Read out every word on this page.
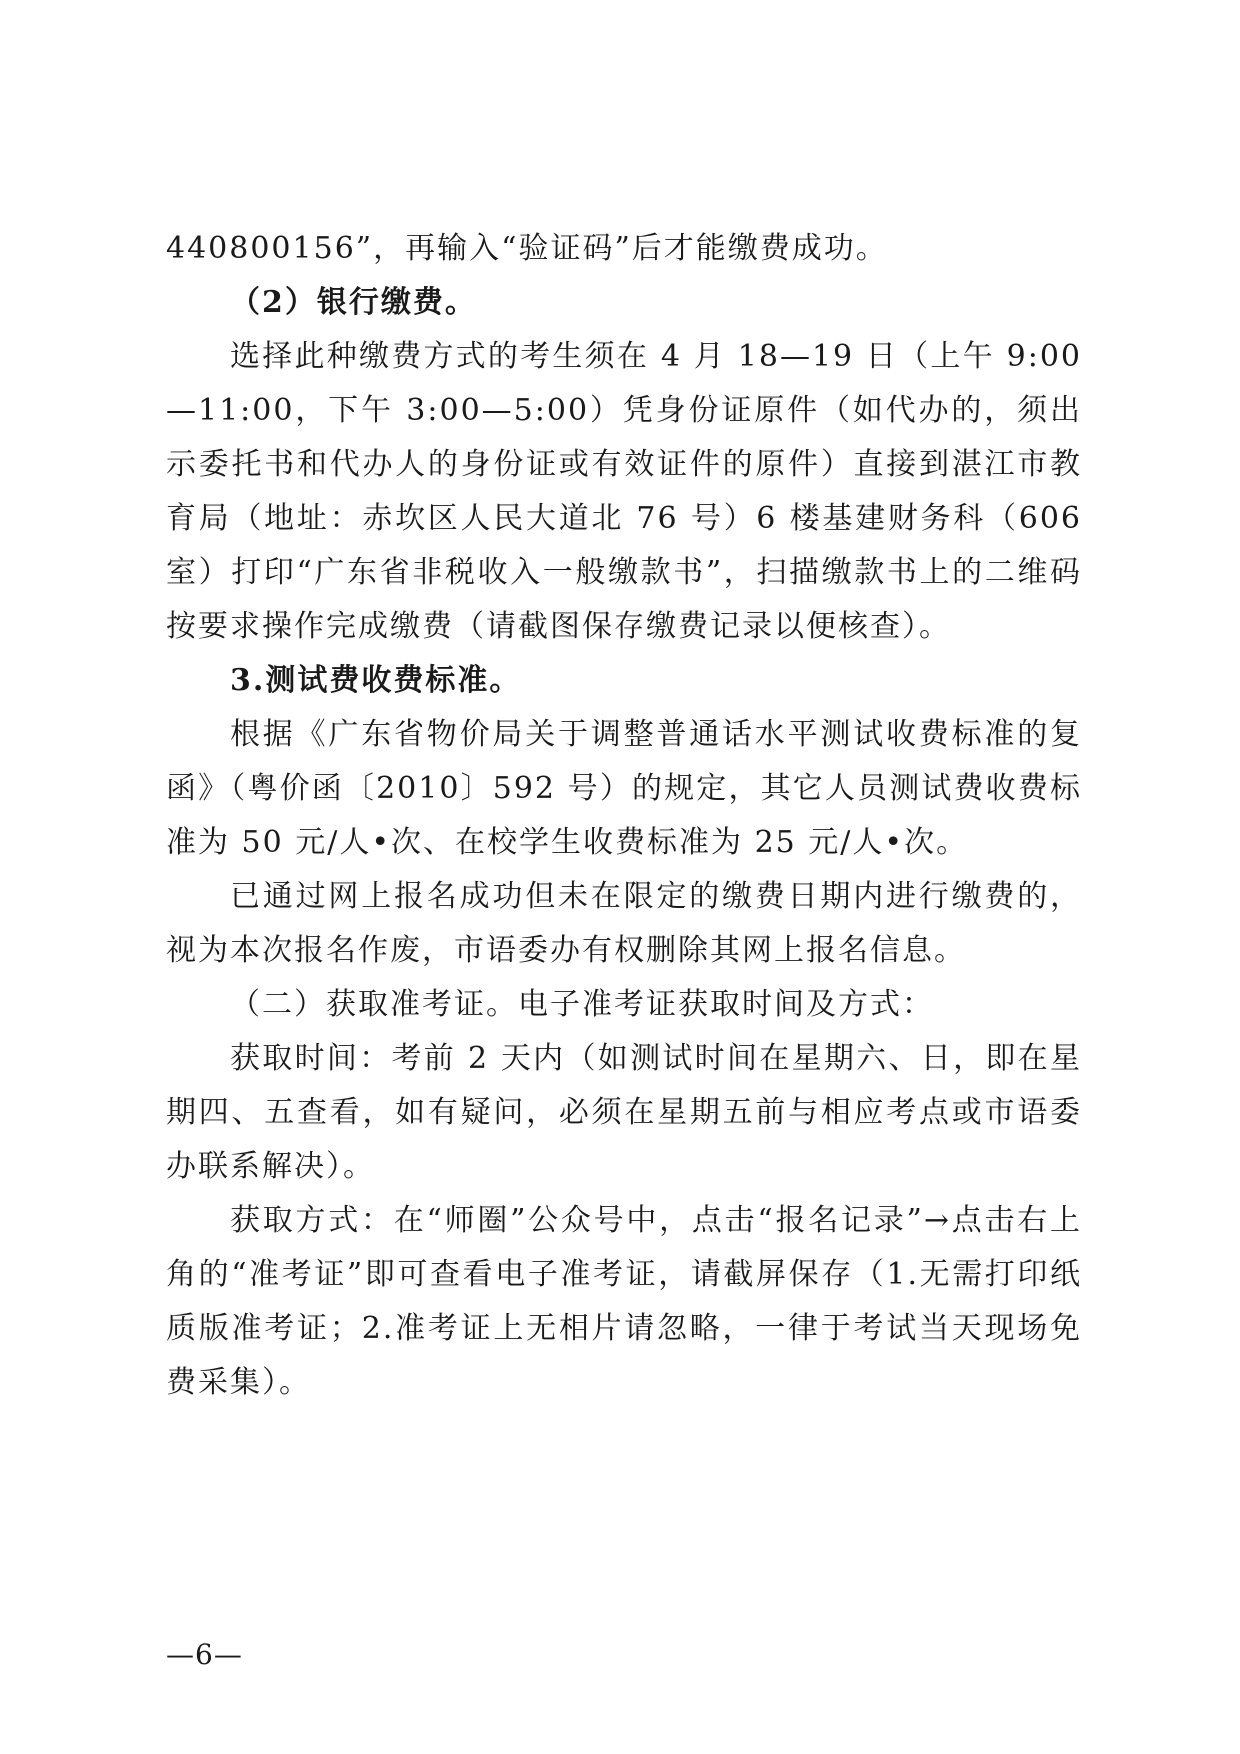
440800156”，再输入“验证码”后才能缴费成功。

（2）银行缴费。

选择此种缴费方式的考生须在 4 月 18—19 日（上午 9:00—11:00，下午 3:00—5:00）凭身份证原件（如代办的，须出示委托书和代办人的身份证或有效证件的原件）直接到湛江市教育局（地址：赤坎区人民大道北 76 号）6 楼基建财务科（606 室）打印“广东省非税收入一般缴款书”，扫描缴款书上的二维码按要求操作完成缴费（请截图保存缴费记录以便核查）。

3.测试费收费标准。

根据《广东省物价局关于调整普通话水平测试收费标准的复函》（粤价函〔2010〕592 号）的规定，其它人员测试费收费标准为 50 元/人•次、在校学生收费标准为 25 元/人•次。

已通过网上报名成功但未在限定的缴费日期内进行缴费的，视为本次报名作废，市语委办有权删除其网上报名信息。

（二）获取准考证。电子准考证获取时间及方式：

获取时间：考前 2 天内（如测试时间在星期六、日，即在星期四、五查看，如有疑问，必须在星期五前与相应考点或市语委办联系解决）。

获取方式：在“师圈”公众号中，点击“报名记录”→点击右上角的“准考证”即可查看电子准考证，请截屏保存（1.无需打印纸质版准考证；2.准考证上无相片请忽略，一律于考试当天现场免费采集）。

—6—
